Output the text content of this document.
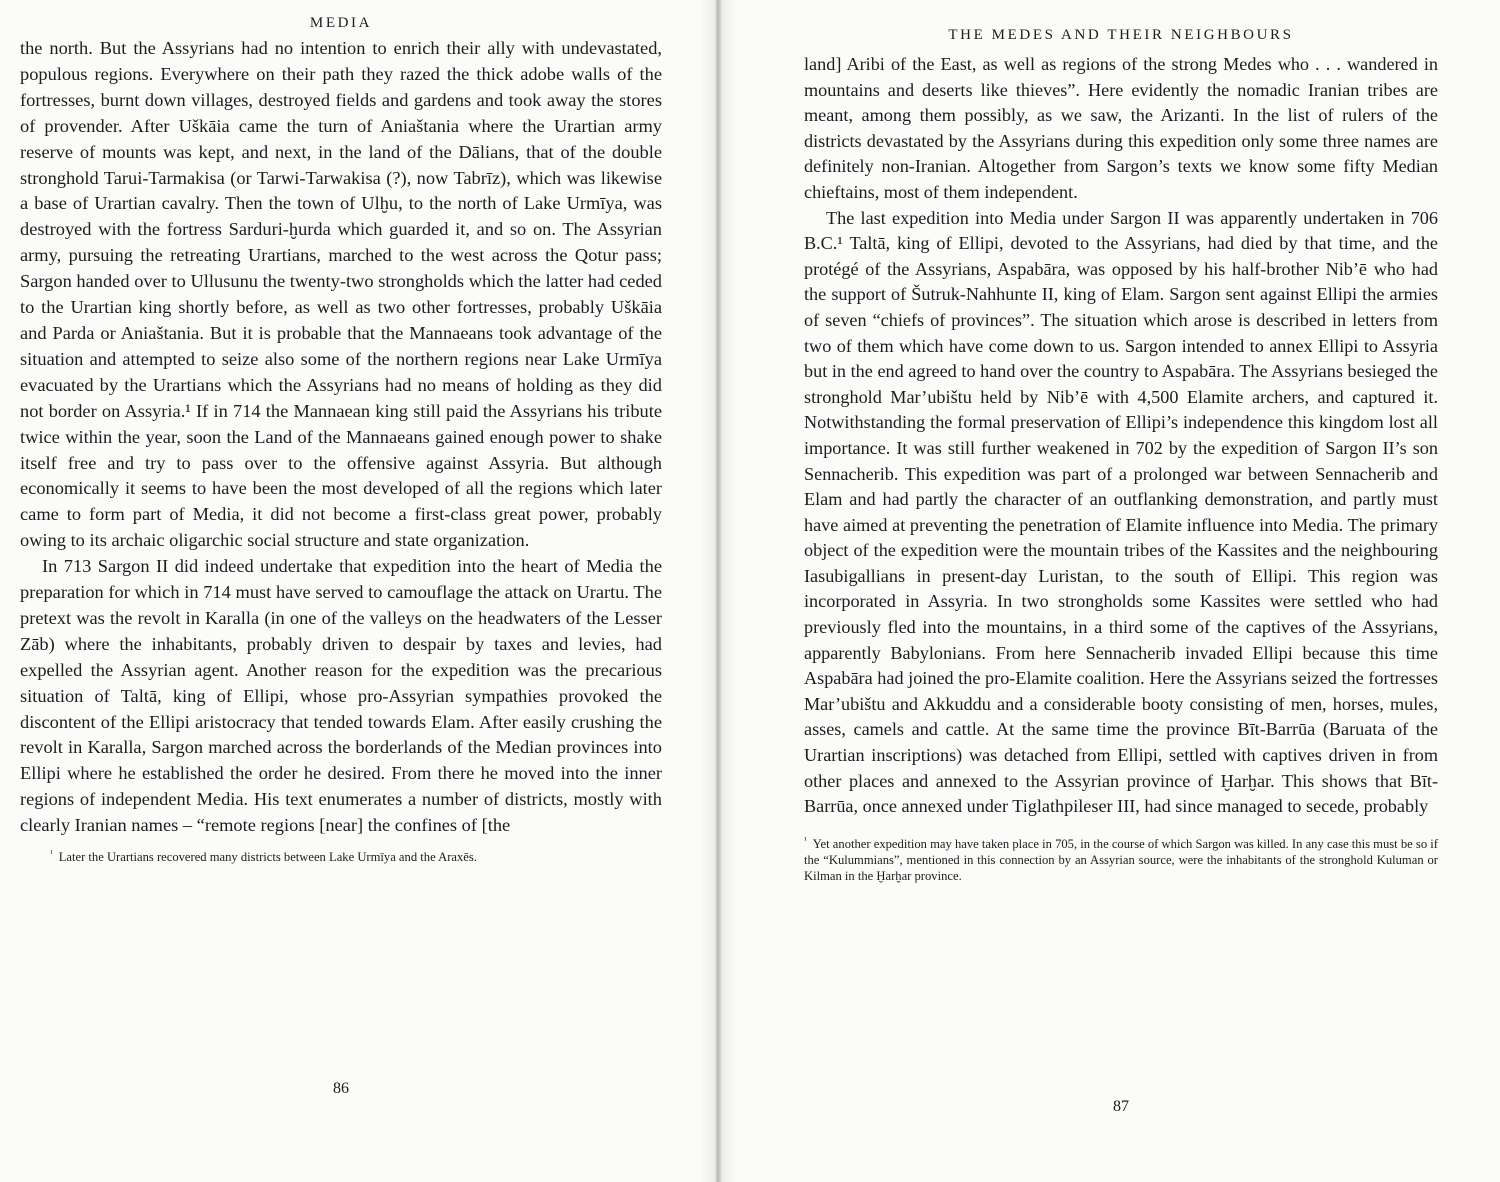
MEDIA

the north. But the Assyrians had no intention to enrich their ally with undevastated, populous regions. Everywhere on their path they razed the thick adobe walls of the fortresses, burnt down villages, destroyed fields and gardens and took away the stores of provender. After Uškāia came the turn of Aniaštania where the Urartian army reserve of mounts was kept, and next, in the land of the Dālians, that of the double stronghold Tarui-Tarmakisa (or Tarwi-Tarwakisa (?), now Tabrīz), which was likewise a base of Urartian cavalry. Then the town of Ulḫu, to the north of Lake Urmīya, was destroyed with the fortress Sarduri-ḫurda which guarded it, and so on. The Assyrian army, pursuing the retreating Urartians, marched to the west across the Qotur pass; Sargon handed over to Ullusunu the twenty-two strongholds which the latter had ceded to the Urartian king shortly before, as well as two other fortresses, probably Uškāia and Parda or Aniaštania. But it is probable that the Mannaeans took advantage of the situation and attempted to seize also some of the northern regions near Lake Urmīya evacuated by the Urartians which the Assyrians had no means of holding as they did not border on Assyria.¹ If in 714 the Mannaean king still paid the Assyrians his tribute twice within the year, soon the Land of the Mannaeans gained enough power to shake itself free and try to pass over to the offensive against Assyria. But although economically it seems to have been the most developed of all the regions which later came to form part of Media, it did not become a first-class great power, probably owing to its archaic oligarchic social structure and state organization.

In 713 Sargon II did indeed undertake that expedition into the heart of Media the preparation for which in 714 must have served to camouflage the attack on Urartu. The pretext was the revolt in Karalla (in one of the valleys on the headwaters of the Lesser Zāb) where the inhabitants, probably driven to despair by taxes and levies, had expelled the Assyrian agent. Another reason for the expedition was the precarious situation of Taltā, king of Ellipi, whose pro-Assyrian sympathies provoked the discontent of the Ellipi aristocracy that tended towards Elam. After easily crushing the revolt in Karalla, Sargon marched across the borderlands of the Median provinces into Ellipi where he established the order he desired. From there he moved into the inner regions of independent Media. His text enumerates a number of districts, mostly with clearly Iranian names – “remote regions [near] the confines of [the

$^{^1}$ Later the Urartians recovered many districts between Lake Urmīya and the Araxēs.
86
THE MEDES AND THEIR NEIGHBOURS

land] Aribi of the East, as well as regions of the strong Medes who . . . wandered in mountains and deserts like thieves”. Here evidently the nomadic Iranian tribes are meant, among them possibly, as we saw, the Arizanti. In the list of rulers of the districts devastated by the Assyrians during this expedition only some three names are definitely non-Iranian. Altogether from Sargon’s texts we know some fifty Median chieftains, most of them independent.

The last expedition into Media under Sargon II was apparently undertaken in 706 B.C.¹ Taltā, king of Ellipi, devoted to the Assyrians, had died by that time, and the protégé of the Assyrians, Aspabāra, was opposed by his half-brother Nib’ē who had the support of Šutruk-Nahhunte II, king of Elam. Sargon sent against Ellipi the armies of seven “chiefs of provinces”. The situation which arose is described in letters from two of them which have come down to us. Sargon intended to annex Ellipi to Assyria but in the end agreed to hand over the country to Aspabāra. The Assyrians besieged the stronghold Mar’ubištu held by Nib’ē with 4,500 Elamite archers, and captured it. Notwithstanding the formal preservation of Ellipi’s independence this kingdom lost all importance. It was still further weakened in 702 by the expedition of Sargon II’s son Sennacherib. This expedition was part of a prolonged war between Sennacherib and Elam and had partly the character of an outflanking demonstration, and partly must have aimed at preventing the penetration of Elamite influence into Media. The primary object of the expedition were the mountain tribes of the Kassites and the neighbouring Iasubigallians in present-day Luristan, to the south of Ellipi. This region was incorporated in Assyria. In two strongholds some Kassites were settled who had previously fled into the mountains, in a third some of the captives of the Assyrians, apparently Babylonians. From here Sennacherib invaded Ellipi because this time Aspabāra had joined the pro-Elamite coalition. Here the Assyrians seized the fortresses Mar’ubištu and Akkuddu and a considerable booty consisting of men, horses, mules, asses, camels and cattle. At the same time the province Bīt-Barrūa (Baruata of the Urartian inscriptions) was detached from Ellipi, settled with captives driven in from other places and annexed to the Assyrian province of Ḫarḫar. This shows that Bīt-Barrūa, once annexed under Tiglathpileser III, had since managed to secede, probably

$^{^1}$ Yet another expedition may have taken place in 705, in the course of which Sargon was killed. In any case this must be so if the “Kulummians”, mentioned in this connection by an Assyrian source, were the inhabitants of the stronghold Kuluman or Kilman in the Ḫarḫar province.
87
